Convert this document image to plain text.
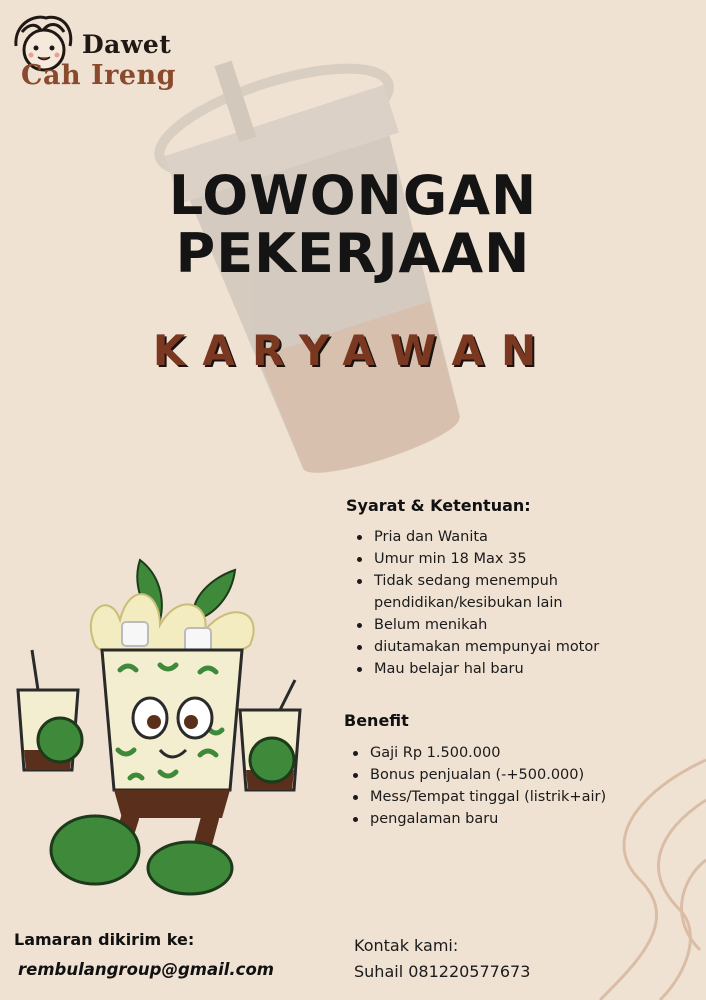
Dawet
Cah Ireng
LOWONGAN
PEKERJAAN
KARYAWAN
Syarat & Ketentuan:
Pria dan Wanita
Umur min 18 Max 35
Tidak sedang menempuh pendidikan/kesibukan lain
Belum menikah
diutamakan mempunyai motor
Mau belajar hal baru
Benefit
Gaji Rp 1.500.000
Bonus penjualan (-+500.000)
Mess/Tempat tinggal (listrik+air)
pengalaman baru
Lamaran dikirim ke:
rembulangroup@gmail.com
Kontak kami:
Suhail 081220577673
